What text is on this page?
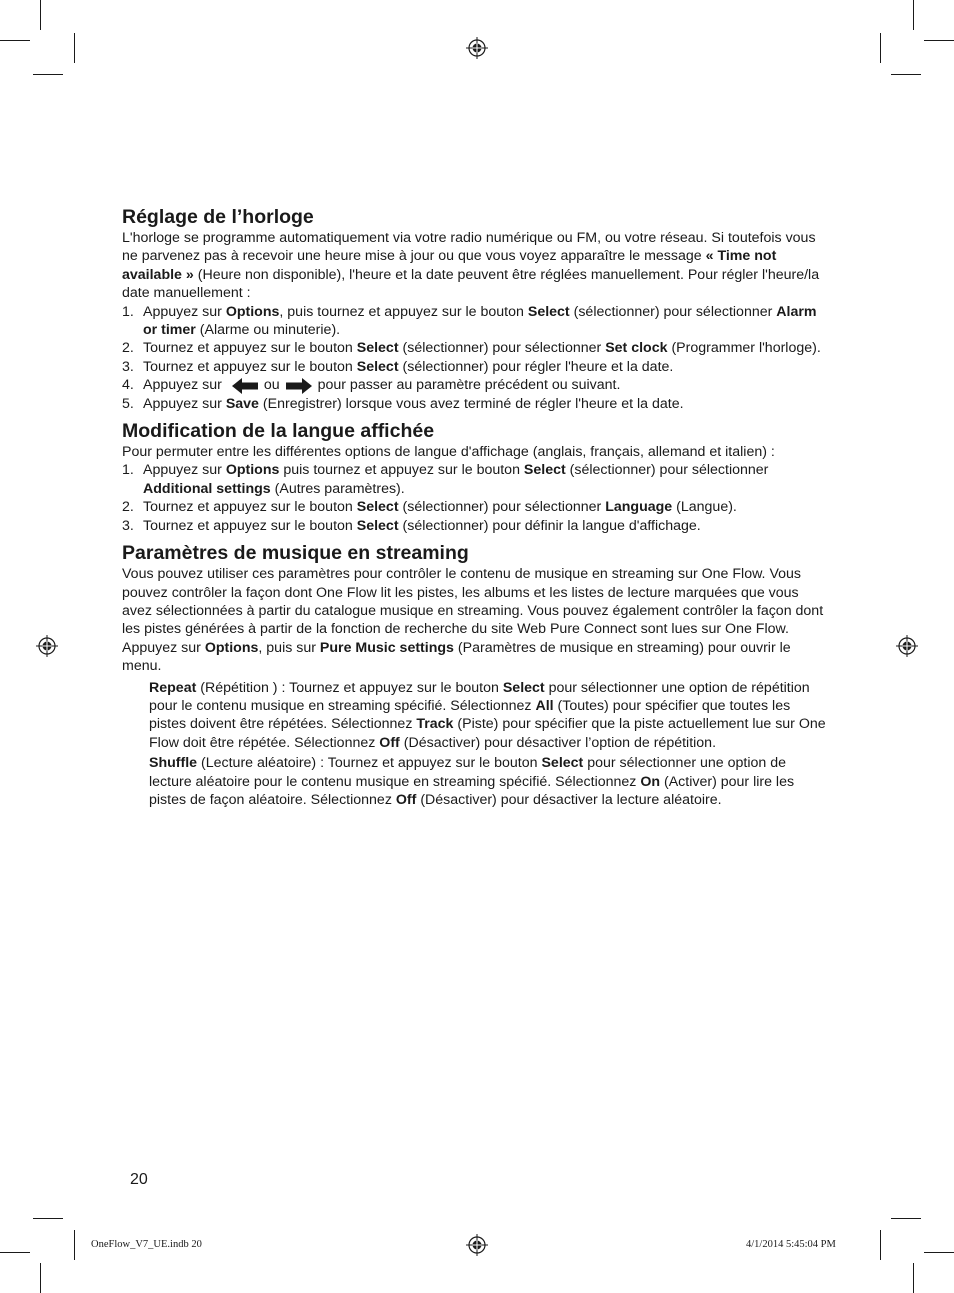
Réglage de l’horloge

L'horloge se programme automatiquement via votre radio numérique ou FM, ou votre réseau. Si toutefois vous ne parvenez pas à recevoir une heure mise à jour ou que vous voyez apparaître le message « Time not available » (Heure non disponible), l'heure et la date peuvent être réglées manuellement. Pour régler l'heure/la date manuellement :

1. Appuyez sur Options, puis tournez et appuyez sur le bouton Select (sélectionner) pour sélectionner Alarm or timer (Alarme ou minuterie).
2. Tournez et appuyez sur le bouton Select (sélectionner) pour sélectionner Set clock (Programmer l'horloge).
3. Tournez et appuyez sur le bouton Select (sélectionner) pour régler l'heure et la date.
4. Appuyez sur	ou	pour passer au paramètre précédent ou suivant.
5. Appuyez sur Save (Enregistrer) lorsque vous avez terminé de régler l'heure et la date.
Modification de la langue affichée

Pour permuter entre les différentes options de langue d'affichage (anglais, français, allemand et italien) :

1. Appuyez sur Options puis tournez et appuyez sur le bouton Select (sélectionner) pour sélectionner Additional settings (Autres paramètres).
2. Tournez et appuyez sur le bouton Select (sélectionner) pour sélectionner Language (Langue).
3. Tournez et appuyez sur le bouton Select (sélectionner) pour définir la langue d'affichage.
Paramètres de musique en streaming

Vous pouvez utiliser ces paramètres pour contrôler le contenu de musique en streaming sur One Flow. Vous pouvez contrôler la façon dont One Flow lit les pistes, les albums et les listes de lecture marquées que vous avez sélectionnées à partir du catalogue musique en streaming. Vous pouvez également contrôler la façon dont les pistes générées à partir de la fonction de recherche du site Web Pure Connect sont lues sur One Flow. Appuyez sur Options, puis sur Pure Music settings (Paramètres de musique en streaming) pour ouvrir le menu.

Repeat (Répétition ) : Tournez et appuyez sur le bouton Select pour sélectionner une option de répétition pour le contenu musique en streaming spécifié. Sélectionnez All (Toutes) pour spécifier que toutes les pistes doivent être répétées. Sélectionnez Track (Piste) pour spécifier que la piste actuellement lue sur One Flow doit être répétée. Sélectionnez Off (Désactiver) pour désactiver l’option de répétition.

Shuffle (Lecture aléatoire) : Tournez et appuyez sur le bouton Select pour sélectionner une option de lecture aléatoire pour le contenu musique en streaming spécifié. Sélectionnez On (Activer) pour lire les pistes de façon aléatoire. Sélectionnez Off (Désactiver) pour désactiver la lecture aléatoire.

20
OneFlow_V7_UE.indb 20	4/1/2014 5:45:04 PM
